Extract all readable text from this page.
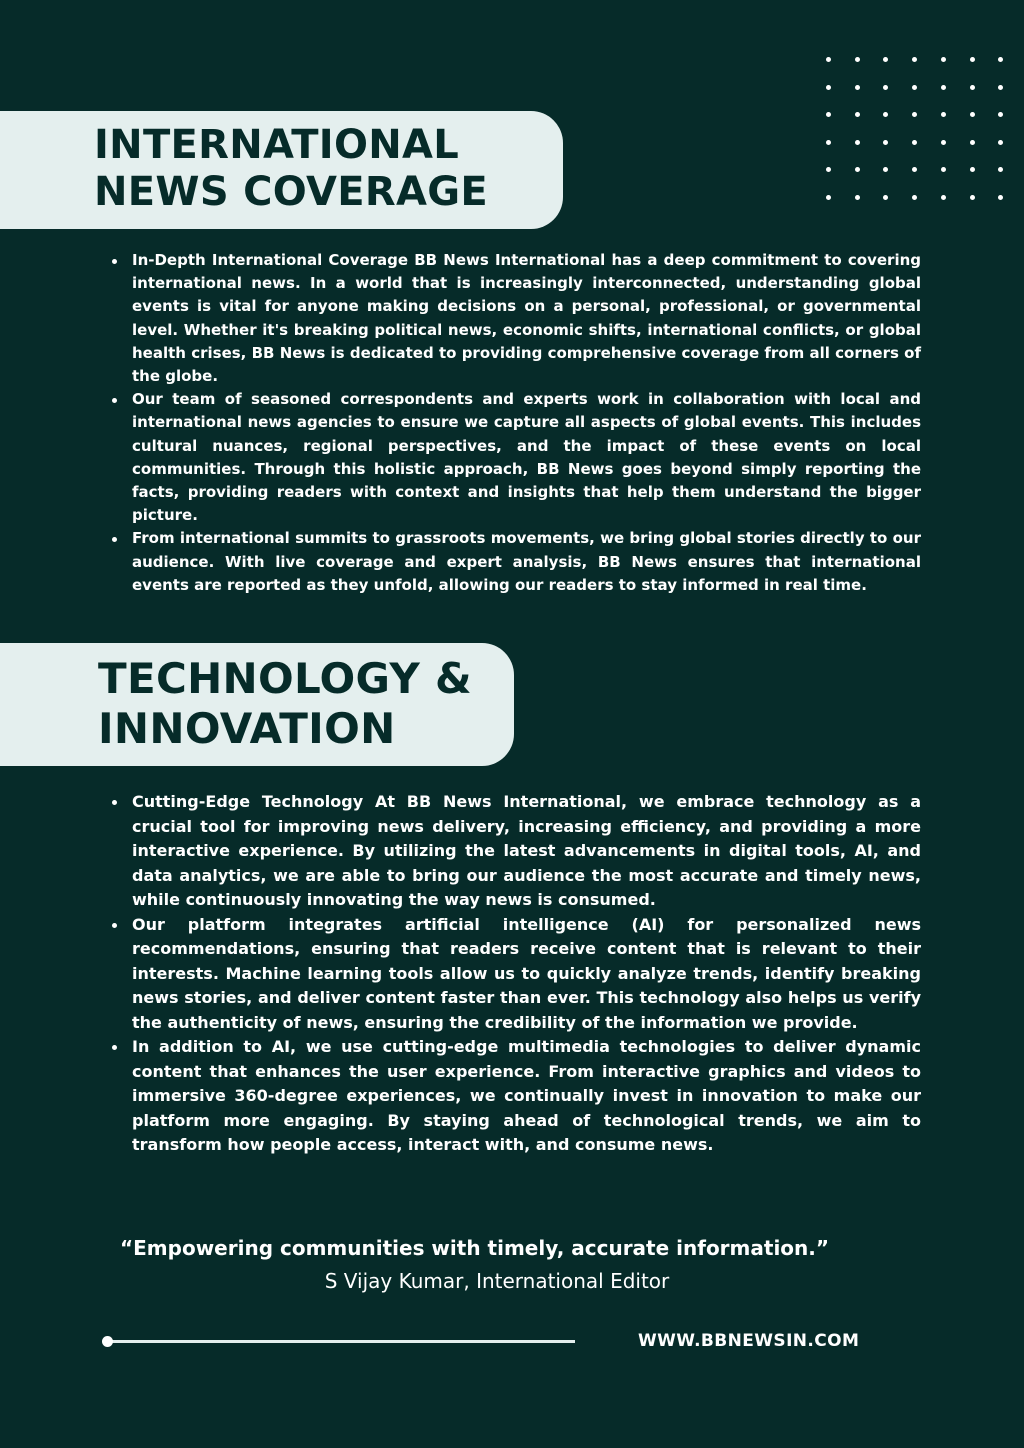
INTERNATIONAL
NEWS COVERAGE
In-Depth International Coverage BB News International has a deep commitment to covering international news. In a world that is increasingly interconnected, understanding global events is vital for anyone making decisions on a personal, professional, or governmental level. Whether it's breaking political news, economic shifts, international conflicts, or global health crises, BB News is dedicated to providing comprehensive coverage from all corners of the globe.
Our team of seasoned correspondents and experts work in collaboration with local and international news agencies to ensure we capture all aspects of global events. This includes cultural nuances, regional perspectives, and the impact of these events on local communities. Through this holistic approach, BB News goes beyond simply reporting the facts, providing readers with context and insights that help them understand the bigger picture.
From international summits to grassroots movements, we bring global stories directly to our audience. With live coverage and expert analysis, BB News ensures that international events are reported as they unfold, allowing our readers to stay informed in real time.
TECHNOLOGY &
INNOVATION
Cutting-Edge Technology At BB News International, we embrace technology as a crucial tool for improving news delivery, increasing efficiency, and providing a more interactive experience. By utilizing the latest advancements in digital tools, AI, and data analytics, we are able to bring our audience the most accurate and timely news, while continuously innovating the way news is consumed.
Our platform integrates artificial intelligence (AI) for personalized news recommendations, ensuring that readers receive content that is relevant to their interests. Machine learning tools allow us to quickly analyze trends, identify breaking news stories, and deliver content faster than ever. This technology also helps us verify the authenticity of news, ensuring the credibility of the information we provide.
In addition to AI, we use cutting-edge multimedia technologies to deliver dynamic content that enhances the user experience. From interactive graphics and videos to immersive 360-degree experiences, we continually invest in innovation to make our platform more engaging. By staying ahead of technological trends, we aim to transform how people access, interact with, and consume news.
“Empowering communities with timely, accurate information.”
S Vijay Kumar, International Editor
WWW.BBNEWSIN.COM
